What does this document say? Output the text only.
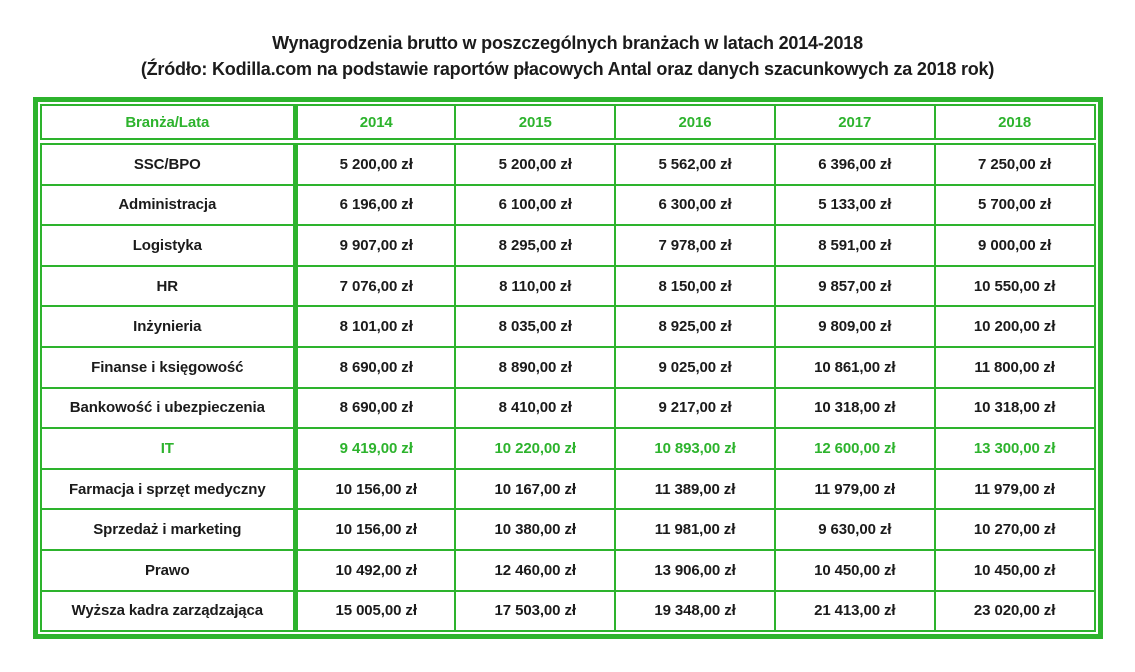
Wynagrodzenia brutto w poszczególnych branżach w latach 2014-2018
(Źródło: Kodilla.com na podstawie raportów płacowych Antal oraz danych szacunkowych za 2018 rok)
Branża/Lata	2014	2015	2016	2017	2018
SSC/BPO	5 200,00 zł	5 200,00 zł	5 562,00 zł	6 396,00 zł	7 250,00 zł
Administracja	6 196,00 zł	6 100,00 zł	6 300,00 zł	5 133,00 zł	5 700,00 zł
Logistyka	9 907,00 zł	8 295,00 zł	7 978,00 zł	8 591,00 zł	9 000,00 zł
HR	7 076,00 zł	8 110,00 zł	8 150,00 zł	9 857,00 zł	10 550,00 zł
Inżynieria	8 101,00 zł	8 035,00 zł	8 925,00 zł	9 809,00 zł	10 200,00 zł
Finanse i księgowość	8 690,00 zł	8 890,00 zł	9 025,00 zł	10 861,00 zł	11 800,00 zł
Bankowość i ubezpieczenia	8 690,00 zł	8 410,00 zł	9 217,00 zł	10 318,00 zł	10 318,00 zł
IT	9 419,00 zł	10 220,00 zł	10 893,00 zł	12 600,00 zł	13 300,00 zł
Farmacja i sprzęt medyczny	10 156,00 zł	10 167,00 zł	11 389,00 zł	11 979,00 zł	11 979,00 zł
Sprzedaż i marketing	10 156,00 zł	10 380,00 zł	11 981,00 zł	9 630,00 zł	10 270,00 zł
Prawo	10 492,00 zł	12 460,00 zł	13 906,00 zł	10 450,00 zł	10 450,00 zł
Wyższa kadra zarządzająca	15 005,00 zł	17 503,00 zł	19 348,00 zł	21 413,00 zł	23 020,00 zł
